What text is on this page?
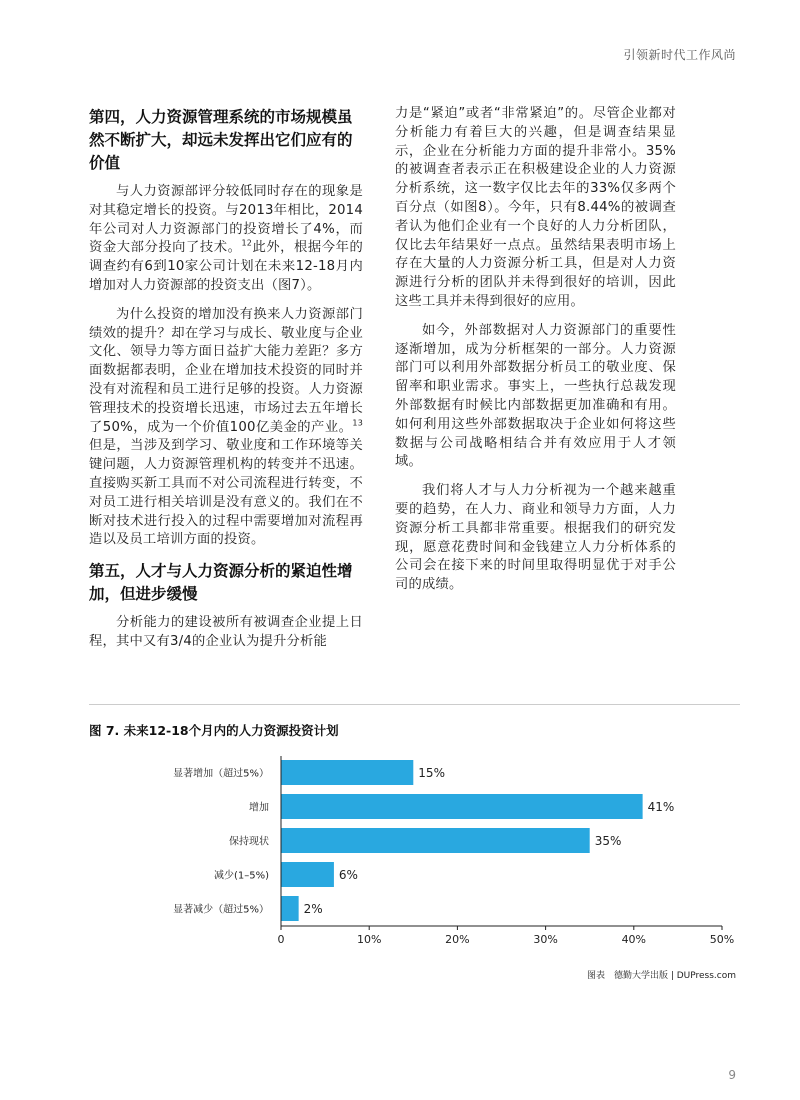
引领新时代工作风尚
第四，人力资源管理系统的市场规模虽然不断扩大，却远未发挥出它们应有的价值

与人力资源部评分较低同时存在的现象是对其稳定增长的投资。与2013年相比，2014年公司对人力资源部门的投资增长了4%，而资金大部分投向了技术。$^{12}$此外，根据今年的调查约有6到10家公司计划在未来12-18月内增加对人力资源部的投资支出（图7）。

为什么投资的增加没有换来人力资源部门绩效的提升？却在学习与成长、敬业度与企业文化、领导力等方面日益扩大能力差距？多方面数据都表明，企业在增加技术投资的同时并没有对流程和员工进行足够的投资。人力资源管理技术的投资增长迅速，市场过去五年增长了50%，成为一个价值100亿美金的产业。$^{13}$但是，当涉及到学习、敬业度和工作环境等关键问题，人力资源管理机构的转变并不迅速。直接购买新工具而不对公司流程进行转变，不对员工进行相关培训是没有意义的。我们在不断对技术进行投入的过程中需要增加对流程再造以及员工培训方面的投资。

第五，人才与人力资源分析的紧迫性增加，但进步缓慢

分析能力的建设被所有被调查企业提上日程，其中又有3/4的企业认为提升分析能

力是“紧迫”或者“非常紧迫”的。尽管企业都对分析能力有着巨大的兴趣，但是调查结果显示，企业在分析能力方面的提升非常小。35%的被调查者表示正在积极建设企业的人力资源分析系统，这一数字仅比去年的33%仅多两个百分点（如图8）。今年，只有8.44%的被调查者认为他们企业有一个良好的人力分析团队，仅比去年结果好一点点。虽然结果表明市场上存在大量的人力资源分析工具，但是对人力资源进行分析的团队并未得到很好的培训，因此这些工具并未得到很好的应用。

如今，外部数据对人力资源部门的重要性逐渐增加，成为分析框架的一部分。人力资源部门可以利用外部数据分析员工的敬业度、保留率和职业需求。事实上，一些执行总裁发现外部数据有时候比内部数据更加准确和有用。如何利用这些外部数据取决于企业如何将这些数据与公司战略相结合并有效应用于人才领域。

我们将人才与人力分析视为一个越来越重要的趋势，在人力、商业和领导力方面，人力资源分析工具都非常重要。根据我们的研究发现，愿意花费时间和金钱建立人力分析体系的公司会在接下来的时间里取得明显优于对手公司的成绩。

图 7. 未来12-18个月内的人力资源投资计划
显著增加（超过5%）	15%
增加	41%
保持现状	35%
减少(1–5%)	6%
显著减少（超过5%）	2%
0	10%	20%	30%	40%	50%
图表　德勤大学出版 | DUPress.com
9
